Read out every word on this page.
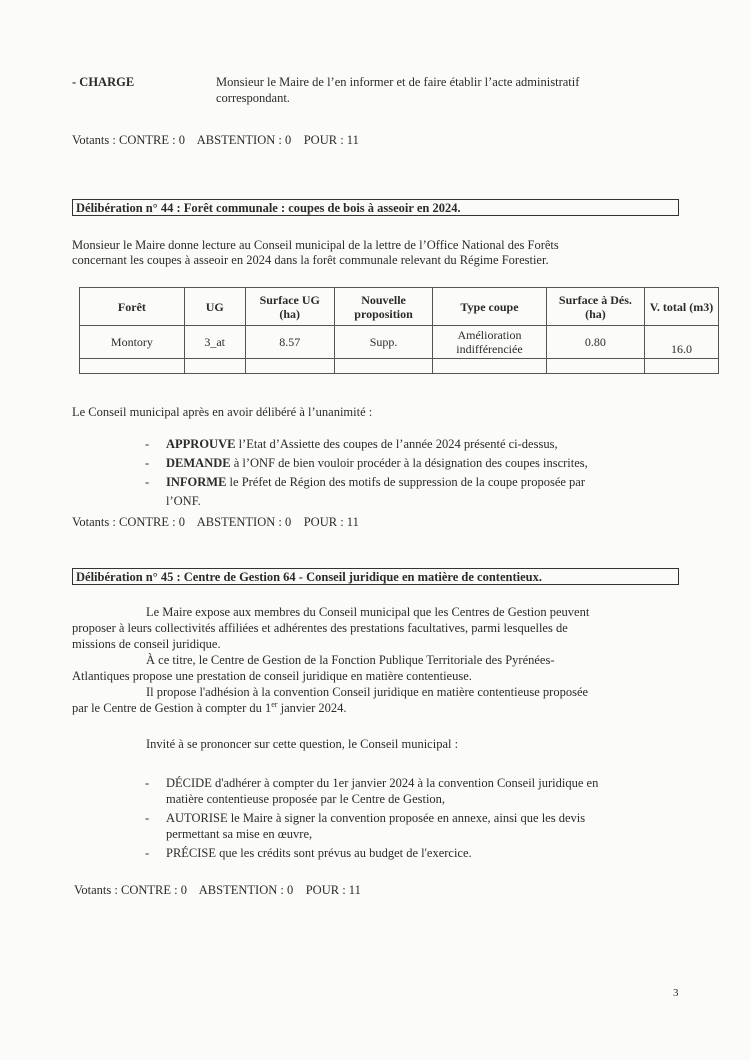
- CHARGE	Monsieur le Maire de l’en informer et de faire établir l’acte administratif
correspondant.
Votants : CONTRE : 0    ABSTENTION : 0    POUR : 11
Délibération n° 44 : Forêt communale : coupes de bois à asseoir en 2024.
Monsieur le Maire donne lecture au Conseil municipal de la lettre de l’Office National des Forêts
concernant les coupes à asseoir en 2024 dans la forêt communale relevant du Régime Forestier.
Forêt	UG	Surface UG (ha)	Nouvelle proposition	Type coupe	Surface à Dés. (ha)	V. total (m3)
Montory	3_at	8.57	Supp.	Amélioration indifférenciée	0.80	16.0

Le Conseil municipal après en avoir délibéré à l’unanimité :
- APPROUVE l’Etat d’Assiette des coupes de l’année 2024 présenté ci-dessus,
- DEMANDE à l’ONF de bien vouloir procéder à la désignation des coupes inscrites,
- INFORME le Préfet de Région des motifs de suppression de la coupe proposée par
l’ONF.
Votants : CONTRE : 0    ABSTENTION : 0    POUR : 11
Délibération n° 45 : Centre de Gestion 64 - Conseil juridique en matière de contentieux.
Le Maire expose aux membres du Conseil municipal que les Centres de Gestion peuvent
proposer à leurs collectivités affiliées et adhérentes des prestations facultatives, parmi lesquelles de
missions de conseil juridique.
À ce titre, le Centre de Gestion de la Fonction Publique Territoriale des Pyrénées-
Atlantiques propose une prestation de conseil juridique en matière contentieuse.
Il propose l'adhésion à la convention Conseil juridique en matière contentieuse proposée
par le Centre de Gestion à compter du 1er janvier 2024.
Invité à se prononcer sur cette question, le Conseil municipal :
- DÉCIDE d'adhérer à compter du 1er janvier 2024 à la convention Conseil juridique en
matière contentieuse proposée par le Centre de Gestion,
- AUTORISE le Maire à signer la convention proposée en annexe, ainsi que les devis
permettant sa mise en œuvre,
- PRÉCISE que les crédits sont prévus au budget de l'exercice.
Votants : CONTRE : 0    ABSTENTION : 0    POUR : 11
3
